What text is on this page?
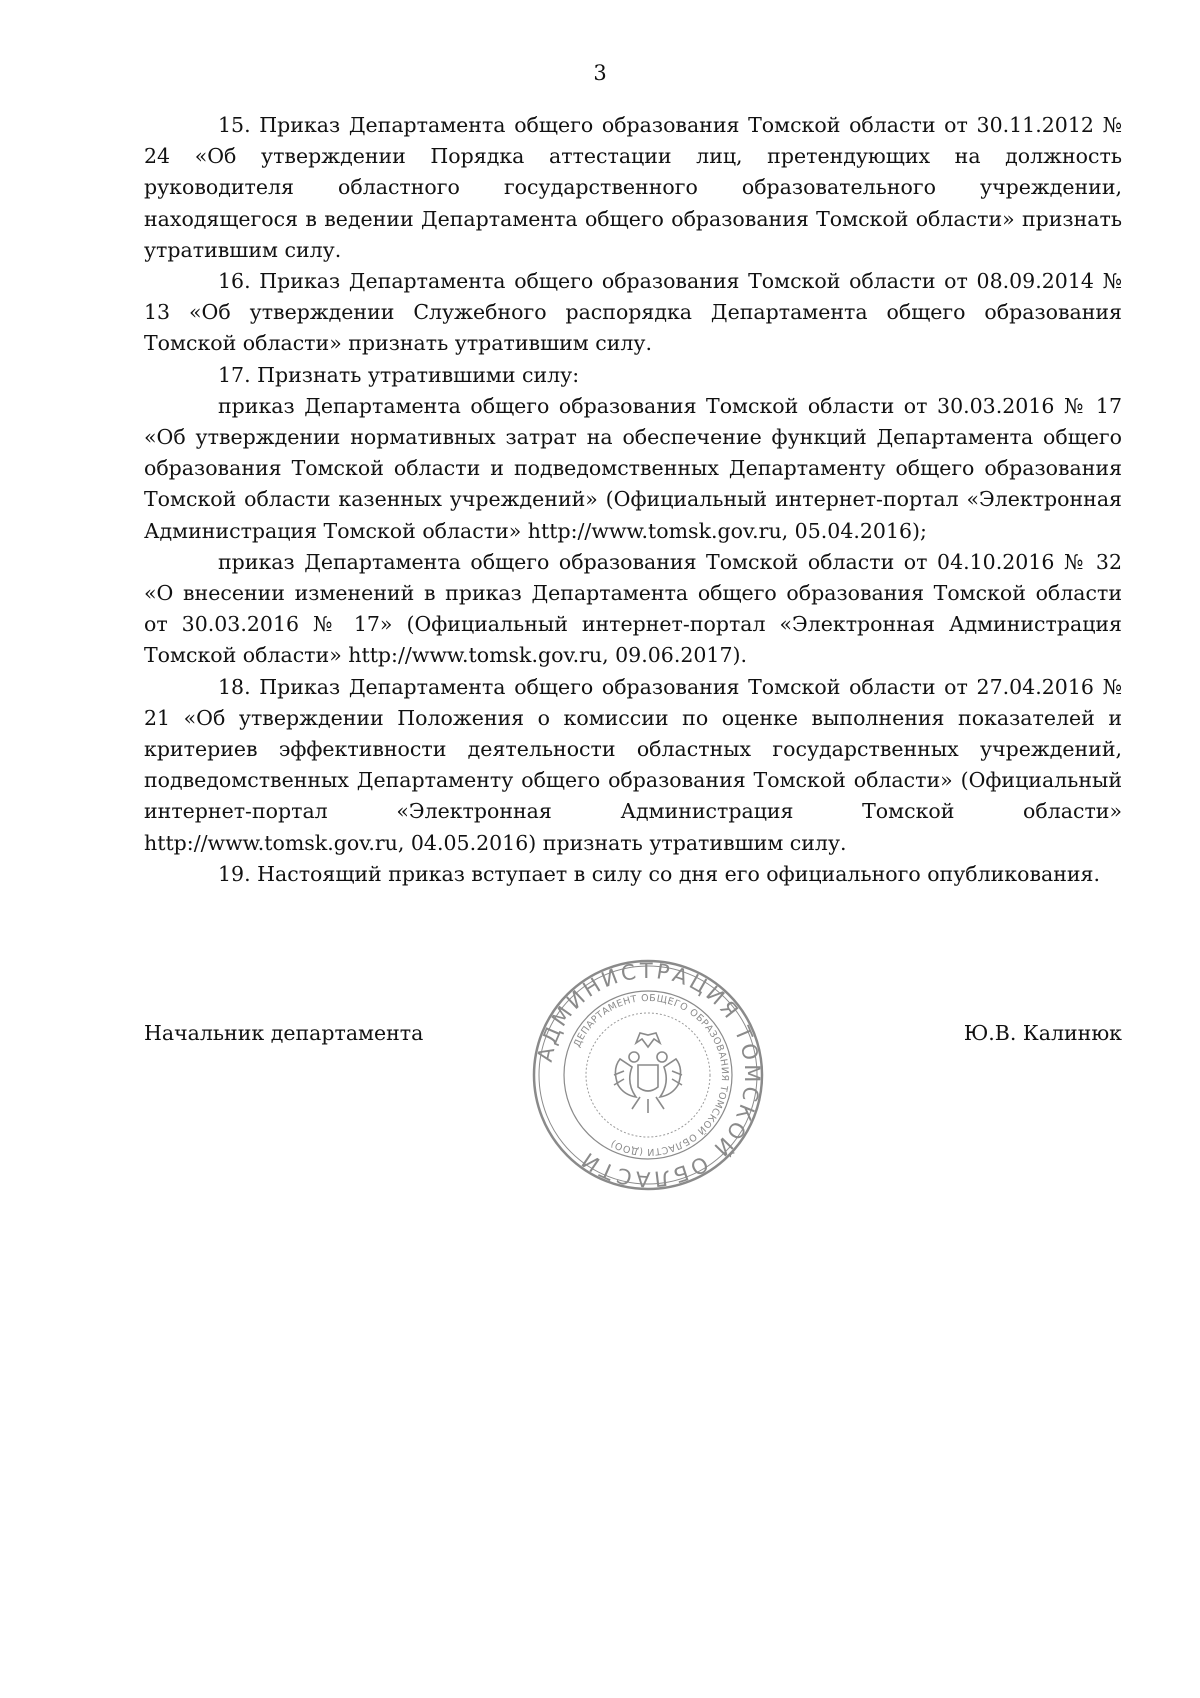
3

15. Приказ Департамента общего образования Томской области от 30.11.2012 № 24 «Об утверждении Порядка аттестации лиц, претендующих на должность руководителя областного государственного образовательного учреждении, находящегося в ведении Департамента общего образования Томской области» признать утратившим силу.

16. Приказ Департамента общего образования Томской области от 08.09.2014 № 13 «Об утверждении Служебного распорядка Департамента общего образования Томской области» признать утратившим силу.

17. Признать утратившими силу:

приказ Департамента общего образования Томской области от 30.03.2016 № 17 «Об утверждении нормативных затрат на обеспечение функций Департамента общего образования Томской области и подведомственных Департаменту общего образования Томской области казенных учреждений» (Официальный интернет-портал «Электронная Администрация Томской области» http://www.tomsk.gov.ru, 05.04.2016);

приказ Департамента общего образования Томской области от 04.10.2016 № 32 «О внесении изменений в приказ Департамента общего образования Томской области от 30.03.2016 № 17» (Официальный интернет-портал «Электронная Администрация Томской области» http://www.tomsk.gov.ru, 09.06.2017).

18. Приказ Департамента общего образования Томской области от 27.04.2016 № 21 «Об утверждении Положения о комиссии по оценке выполнения показателей и критериев эффективности деятельности областных государственных учреждений, подведомственных Департаменту общего образования Томской области» (Официальный интернет-портал «Электронная Администрация Томской области» http://www.tomsk.gov.ru, 04.05.2016) признать утратившим силу.

19. Настоящий приказ вступает в силу со дня его официального опубликования.

Начальник департамента	Ю.В. Калинюк
АДМИНИСТРАЦИЯ ТОМСКОЙ ОБЛАСТИ
ДЕПАРТАМЕНТ ОБЩЕГО ОБРАЗОВАНИЯ ТОМСКОЙ ОБЛАСТИ (ДОО)
